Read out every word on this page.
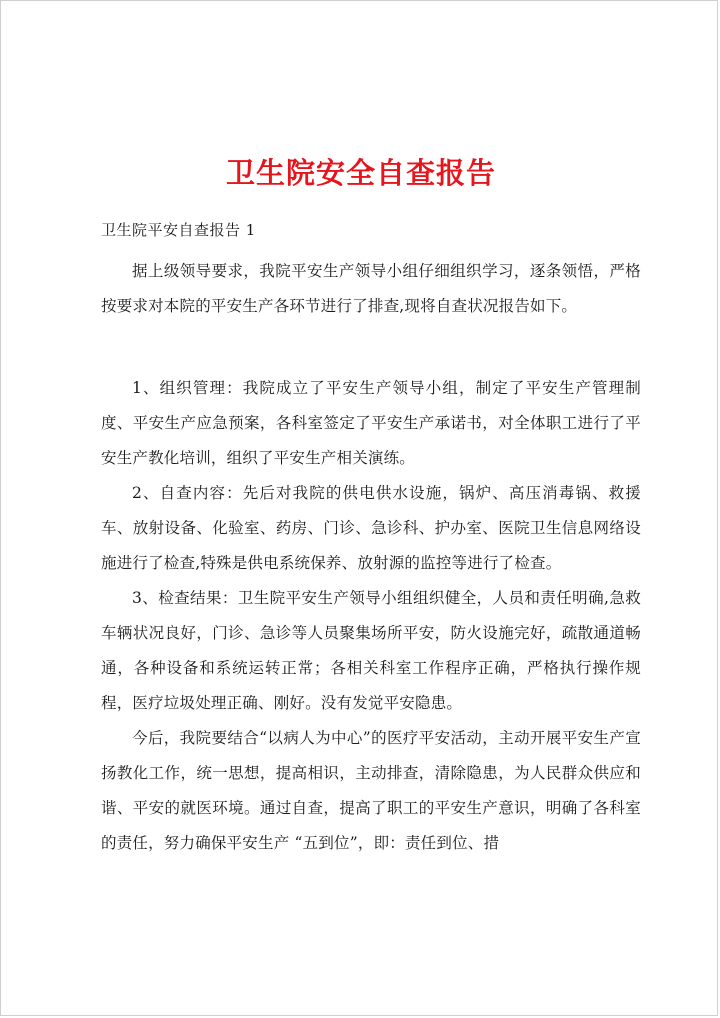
卫生院安全自查报告
卫生院平安自查报告 1

据上级领导要求，我院平安生产领导小组仔细组织学习，逐条领悟，严格按要求对本院的平安生产各环节进行了排查,现将自查状况报告如下。

1、组织管理：我院成立了平安生产领导小组，制定了平安生产管理制度、平安生产应急预案，各科室签定了平安生产承诺书，对全体职工进行了平安生产教化培训，组织了平安生产相关演练。

2、自查内容：先后对我院的供电供水设施，锅炉、高压消毒锅、救援车、放射设备、化验室、药房、门诊、急诊科、护办室、医院卫生信息网络设施进行了检查,特殊是供电系统保养、放射源的监控等进行了检查。

3、检查结果：卫生院平安生产领导小组组织健全，人员和责任明确,急救车辆状况良好，门诊、急诊等人员聚集场所平安，防火设施完好，疏散通道畅通，各种设备和系统运转正常；各相关科室工作程序正确，严格执行操作规程，医疗垃圾处理正确、刚好。没有发觉平安隐患。

今后，我院要结合“以病人为中心”的医疗平安活动，主动开展平安生产宣扬教化工作，统一思想，提高相识，主动排查，清除隐患，为人民群众供应和谐、平安的就医环境。通过自查，提高了职工的平安生产意识，明确了各科室的责任，努力确保平安生产 “五到位”，即：责任到位、措
